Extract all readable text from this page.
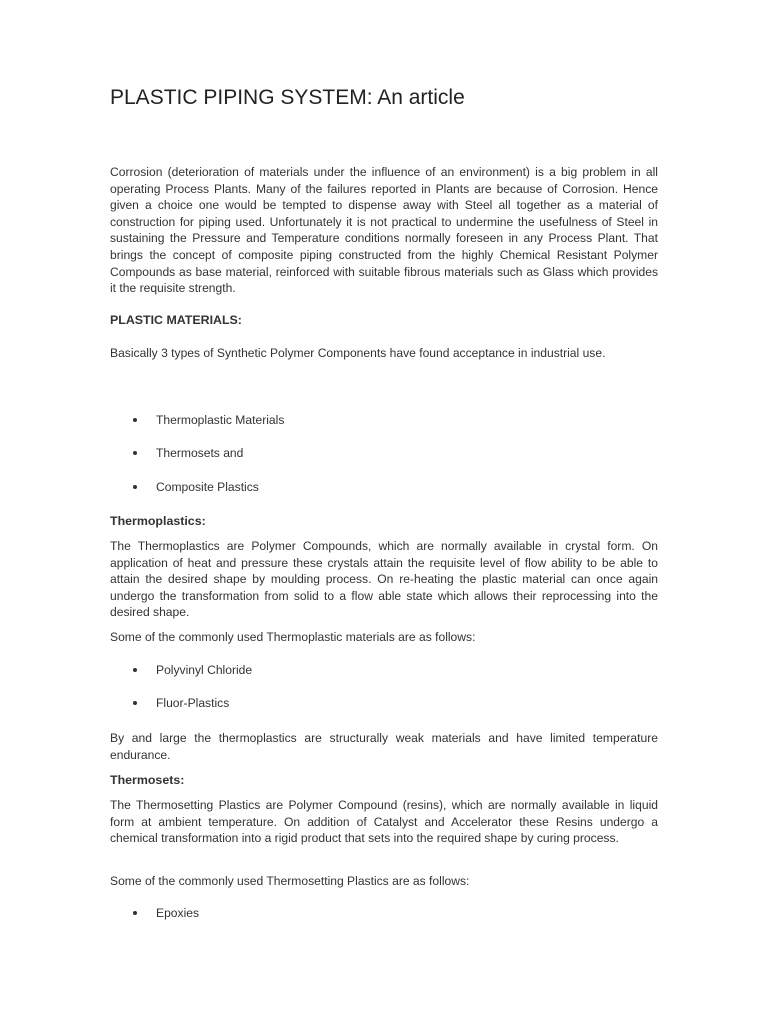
PLASTIC PIPING SYSTEM: An article

Corrosion (deterioration of materials under the influence of an environment) is a big problem in all operating Process Plants. Many of the failures reported in Plants are because of Corrosion. Hence given a choice one would be tempted to dispense away with Steel all together as a material of construction for piping used. Unfortunately it is not practical to undermine the usefulness of Steel in sustaining the Pressure and Temperature conditions normally foreseen in any Process Plant. That brings the concept of composite piping constructed from the highly Chemical Resistant Polymer Compounds as base material, reinforced with suitable fibrous materials such as Glass which provides it the requisite strength.

PLASTIC MATERIALS:

Basically 3 types of Synthetic Polymer Components have found acceptance in industrial use.

Thermoplastic Materials
Thermosets and
Composite Plastics
Thermoplastics:

The Thermoplastics are Polymer Compounds, which are normally available in crystal form. On application of heat and pressure these crystals attain the requisite level of flow ability to be able to attain the desired shape by moulding process. On re-heating the plastic material can once again undergo the transformation from solid to a flow able state which allows their reprocessing into the desired shape.

Some of the commonly used Thermoplastic materials are as follows:

Polyvinyl Chloride
Fluor-Plastics

By and large the thermoplastics are structurally weak materials and have limited temperature endurance.

Thermosets:

The Thermosetting Plastics are Polymer Compound (resins), which are normally available in liquid form at ambient temperature. On addition of Catalyst and Accelerator these Resins undergo a chemical transformation into a rigid product that sets into the required shape by curing process.

Some of the commonly used Thermosetting Plastics are as follows:

Epoxies
